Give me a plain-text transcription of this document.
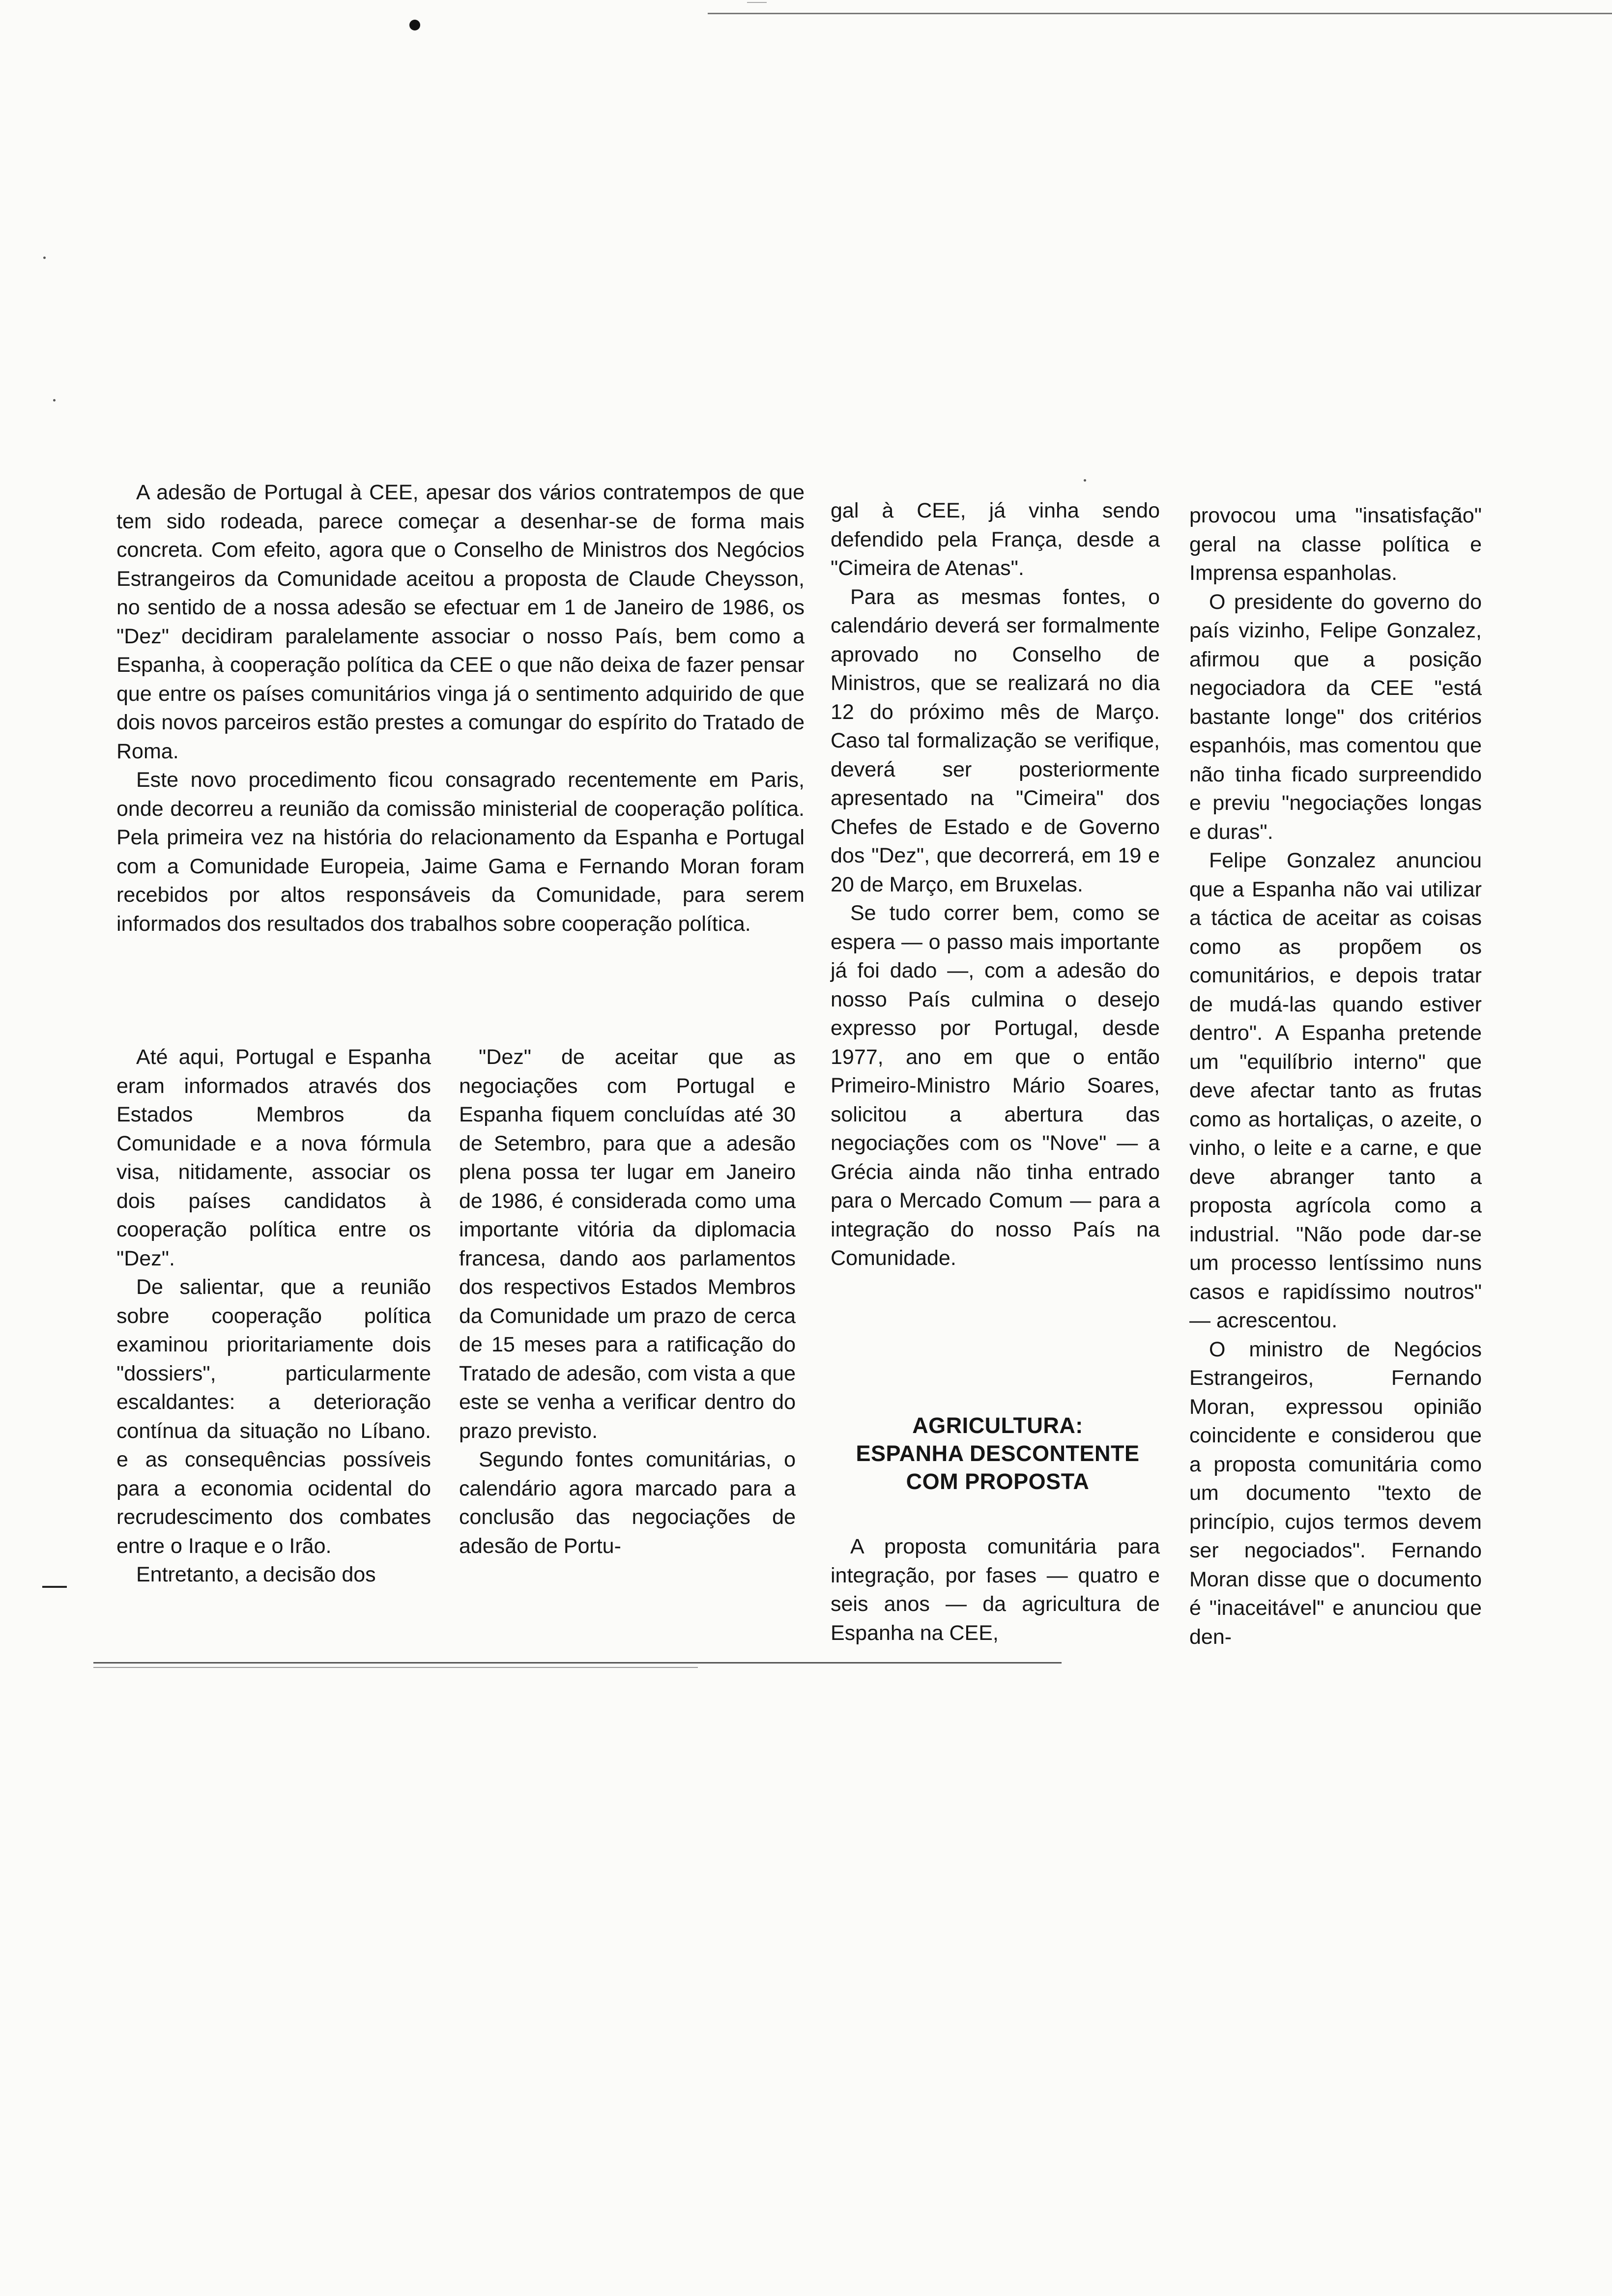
A adesão de Portugal à CEE, apesar dos vários contratempos de que tem sido rodeada, parece começar a desenhar-se de forma mais concreta. Com efeito, agora que o Conselho de Ministros dos Negócios Estrangeiros da Comunidade aceitou a proposta de Claude Cheysson, no sentido de a nossa adesão se efectuar em 1 de Janeiro de 1986, os "Dez" decidiram paralelamente associar o nosso País, bem como a Espanha, à cooperação política da CEE o que não deixa de fazer pensar que entre os países comunitários vinga já o sentimento adquirido de que dois novos parceiros estão prestes a comungar do espírito do Tratado de Roma.

Este novo procedimento ficou consagrado recentemente em Paris, onde decorreu a reunião da comissão ministerial de cooperação política. Pela primeira vez na história do relacionamento da Espanha e Portugal com a Comunidade Europeia, Jaime Gama e Fernando Moran foram recebidos por altos responsáveis da Comunidade, para serem informados dos resultados dos trabalhos sobre cooperação política.

Até aqui, Portugal e Espanha eram informados através dos Estados Membros da Comunidade e a nova fórmula visa, nitidamente, associar os dois países candidatos à cooperação política entre os "Dez".

De salientar, que a reunião sobre cooperação política examinou prioritariamente dois "dossiers", particularmente escaldantes: a deterioração contínua da situação no Líbano. e as consequências possíveis para a economia ocidental do recrudescimento dos combates entre o Iraque e o Irão.

Entretanto, a decisão dos

"Dez" de aceitar que as negociações com Portugal e Espanha fiquem concluídas até 30 de Setembro, para que a adesão plena possa ter lugar em Janeiro de 1986, é considerada como uma importante vitória da diplomacia francesa, dando aos parlamentos dos respectivos Estados Membros da Comunidade um prazo de cerca de 15 meses para a ratificação do Tratado de adesão, com vista a que este se venha a verificar dentro do prazo previsto.

Segundo fontes comunitárias, o calendário agora marcado para a conclusão das negociações de adesão de Portu-

gal à CEE, já vinha sendo defendido pela França, desde a "Cimeira de Atenas".

Para as mesmas fontes, o calendário deverá ser formalmente aprovado no Conselho de Ministros, que se realizará no dia 12 do próximo mês de Março. Caso tal formalização se verifique, deverá ser posteriormente apresentado na "Cimeira" dos Chefes de Estado e de Governo dos "Dez", que decorrerá, em 19 e 20 de Março, em Bruxelas.

Se tudo correr bem, como se espera — o passo mais importante já foi dado —, com a adesão do nosso País culmina o desejo expresso por Portugal, desde 1977, ano em que o então Primeiro-Ministro Mário Soares, solicitou a abertura das negociações com os "Nove" — a Grécia ainda não tinha entrado para o Mercado Comum — para a integração do nosso País na Comunidade.

AGRICULTURA:
ESPANHA DESCONTENTE
COM PROPOSTA

A proposta comunitária para integração, por fases — quatro e seis anos — da agricultura de Espanha na CEE,

provocou uma "insatisfação" geral na classe política e Imprensa espanholas.

O presidente do governo do país vizinho, Felipe Gonzalez, afirmou que a posição negociadora da CEE "está bastante longe" dos critérios espanhóis, mas comentou que não tinha ficado surpreendido e previu "negociações longas e duras".

Felipe Gonzalez anunciou que a Espanha não vai utilizar a táctica de aceitar as coisas como as propõem os comunitários, e depois tratar de mudá-las quando estiver dentro". A Espanha pretende um "equilíbrio interno" que deve afectar tanto as frutas como as hortaliças, o azeite, o vinho, o leite e a carne, e que deve abranger tanto a proposta agrícola como a industrial. "Não pode dar-se um processo lentíssimo nuns casos e rapidíssimo noutros" — acrescentou.

O ministro de Negócios Estrangeiros, Fernando Moran, expressou opinião coincidente e considerou que a proposta comunitária como um documento "texto de princípio, cujos termos devem ser negociados". Fernando Moran disse que o documento é "inaceitável" e anunciou que den-
